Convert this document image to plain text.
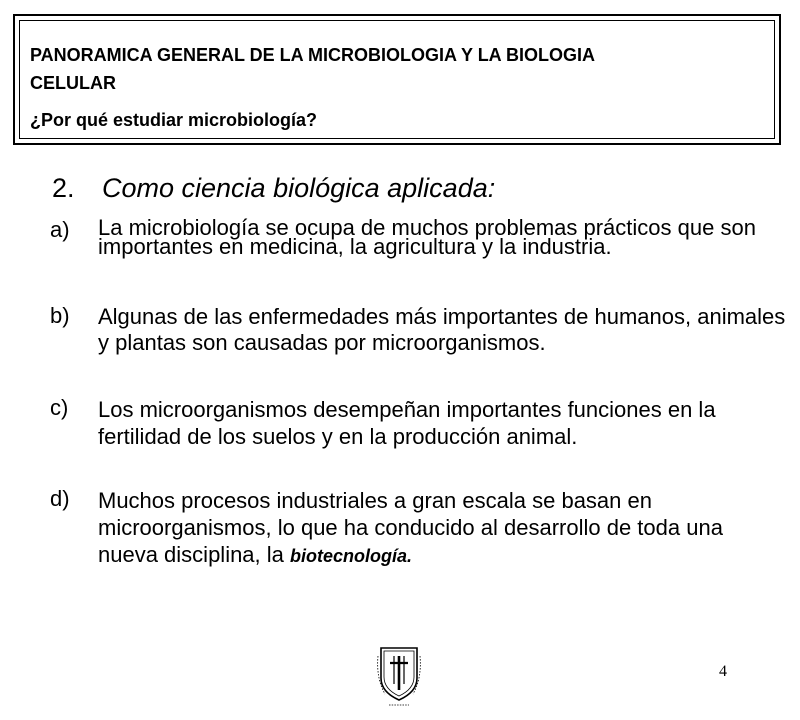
PANORAMICA GENERAL DE LA MICROBIOLOGIA Y LA BIOLOGIA CELULAR

¿Por qué estudiar microbiología?

2. Como ciencia biológica aplicada:
a) La microbiología se ocupa de muchos problemas prácticos que son importantes en medicina, la agricultura y la industria.
b) Algunas de las enfermedades más importantes de humanos, animales y plantas son causadas por microorganismos.
c) Los microorganismos desempeñan importantes funciones en la fertilidad de los suelos y en la producción animal.
d) Muchos procesos industriales a gran escala se basan en microorganismos, lo que ha conducido al desarrollo de toda una nueva disciplina, la biotecnología.
4
